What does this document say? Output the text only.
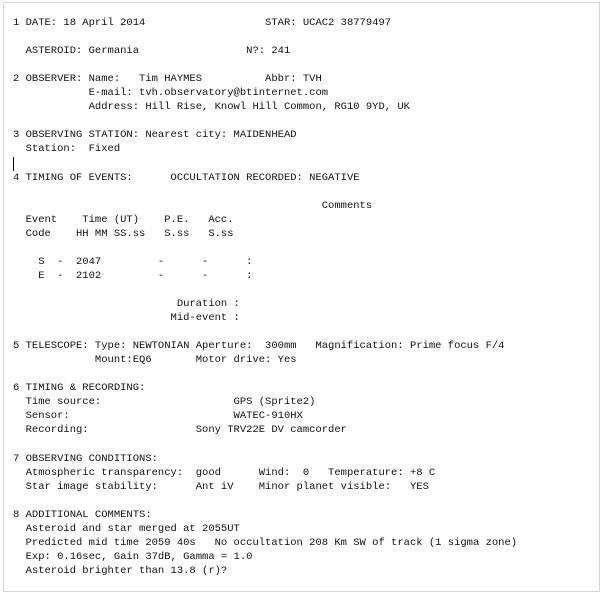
1 DATE: 18 April 2014                   STAR: UCAC2 38779497
ASTEROID: Germania                 N?: 241
2 OBSERVER: Name:   Tim HAYMES          Abbr: TVH
E-mail: tvh.observatory@btinternet.com
Address: Hill Rise, Knowl Hill Common, RG10 9YD, UK
3 OBSERVING STATION: Nearest city: MAIDENHEAD
Station:  Fixed
4 TIMING OF EVENTS:      OCCULTATION RECORDED: NEGATIVE
Comments
Event    Time (UT)    P.E.   Acc.
Code    HH MM SS.ss   S.ss   S.ss
S  -  2047         -      -      :
E  -  2102         -      -      :
Duration :
Mid-event :
5 TELESCOPE: Type: NEWTONIAN Aperture:  300mm   Magnification: Prime focus F/4
Mount:EQ6       Motor drive: Yes
6 TIMING & RECORDING:
Time source:                     GPS (Sprite2)
Sensor:                          WATEC-910HX
Recording:                 Sony TRV22E DV camcorder
7 OBSERVING CONDITIONS:
Atmospheric transparency:  good      Wind:  0   Temperature: +8 C
Star image stability:      Ant iV    Minor planet visible:   YES
8 ADDITIONAL COMMENTS:
Asteroid and star merged at 2055UT
Predicted mid time 2059 40s   No occultation 208 Km SW of track (1 sigma zone)
Exp: 0.16sec, Gain 37dB, Gamma = 1.0
Asteroid brighter than 13.8 (r)?
